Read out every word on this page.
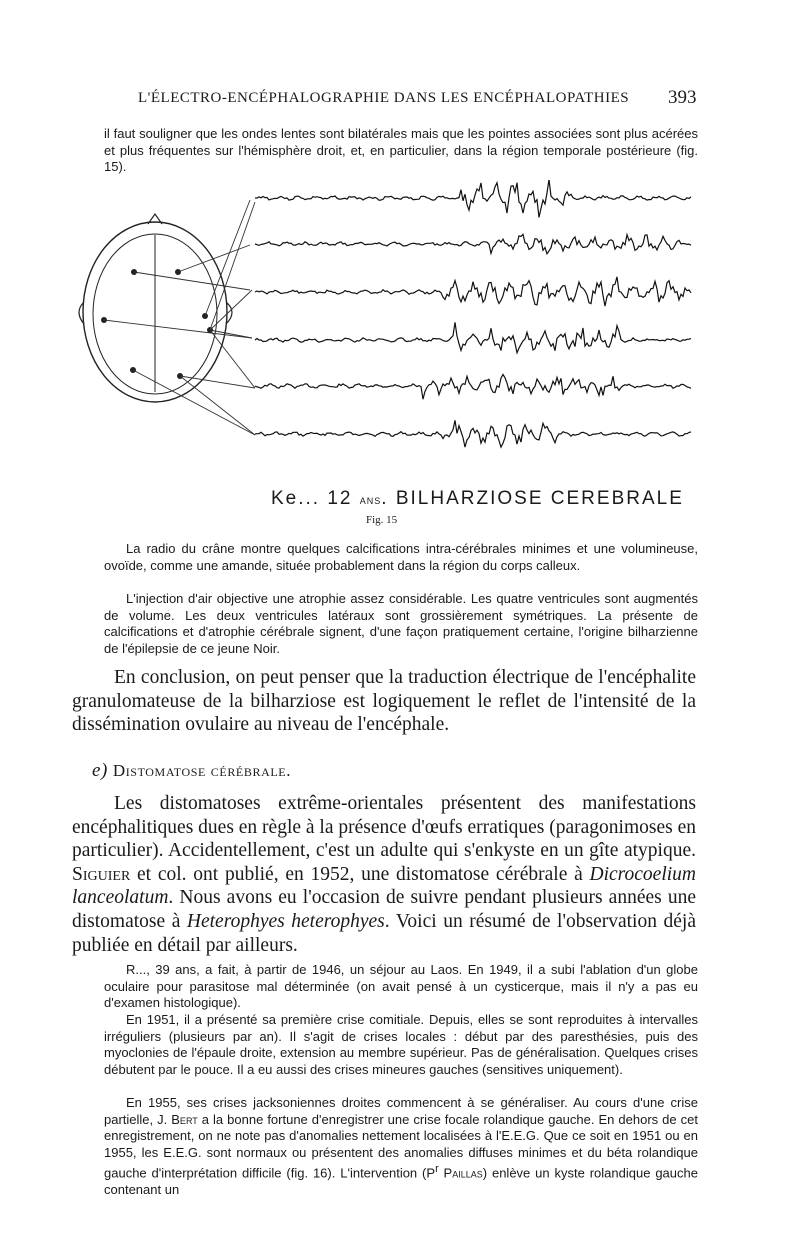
L'ÉLECTRO-ENCÉPHALOGRAPHIE DANS LES ENCÉPHALOPATHIES 393

il faut souligner que les ondes lentes sont bilatérales mais que les pointes associées sont plus acérées et plus fréquentes sur l'hémisphère droit, et, en particulier, dans la région temporale postérieure (fig. 15).

Ke... 12 ANS. BILHARZIOSE CEREBRALE
Fig. 15

La radio du crâne montre quelques calcifications intra-cérébrales minimes et une volumineuse, ovoïde, comme une amande, située probablement dans la région du corps calleux.

L'injection d'air objective une atrophie assez considérable. Les quatre ventricules sont augmentés de volume. Les deux ventricules latéraux sont grossièrement symétriques. La présente de calcifications et d'atrophie cérébrale signent, d'une façon pratiquement certaine, l'origine bilharzienne de l'épilepsie de ce jeune Noir.

En conclusion, on peut penser que la traduction électrique de l'encéphalite granulomateuse de la bilharziose est logiquement le reflet de l'intensité de la dissémination ovulaire au niveau de l'encéphale.

e) Distomatose cérébrale.

Les distomatoses extrême-orientales présentent des manifestations encéphalitiques dues en règle à la présence d'œufs erratiques (paragonimoses en particulier). Accidentellement, c'est un adulte qui s'enkyste en un gîte atypique. Siguier et col. ont publié, en 1952, une distomatose cérébrale à Dicrocoelium lanceolatum. Nous avons eu l'occasion de suivre pendant plusieurs années une distomatose à Heterophyes heterophyes. Voici un résumé de l'observation déjà publiée en détail par ailleurs.

R..., 39 ans, a fait, à partir de 1946, un séjour au Laos. En 1949, il a subi l'ablation d'un globe oculaire pour parasitose mal déterminée (on avait pensé à un cysticerque, mais il n'y a pas eu d'examen histologique).

En 1951, il a présenté sa première crise comitiale. Depuis, elles se sont reproduites à intervalles irréguliers (plusieurs par an). Il s'agit de crises locales : début par des paresthésies, puis des myoclonies de l'épaule droite, extension au membre supérieur. Pas de généralisation. Quelques crises débutent par le pouce. Il a eu aussi des crises mineures gauches (sensitives uniquement).

En 1955, ses crises jacksoniennes droites commencent à se généraliser. Au cours d'une crise partielle, J. Bert a la bonne fortune d'enregistrer une crise focale rolandique gauche. En dehors de cet enregistrement, on ne note pas d'anomalies nettement localisées à l'E.E.G. Que ce soit en 1951 ou en 1955, les E.E.G. sont normaux ou présentent des anomalies diffuses minimes et du béta rolandique gauche d'interprétation difficile (fig. 16). L'intervention ($P^r$ Paillas) enlève un kyste rolandique gauche contenant un
